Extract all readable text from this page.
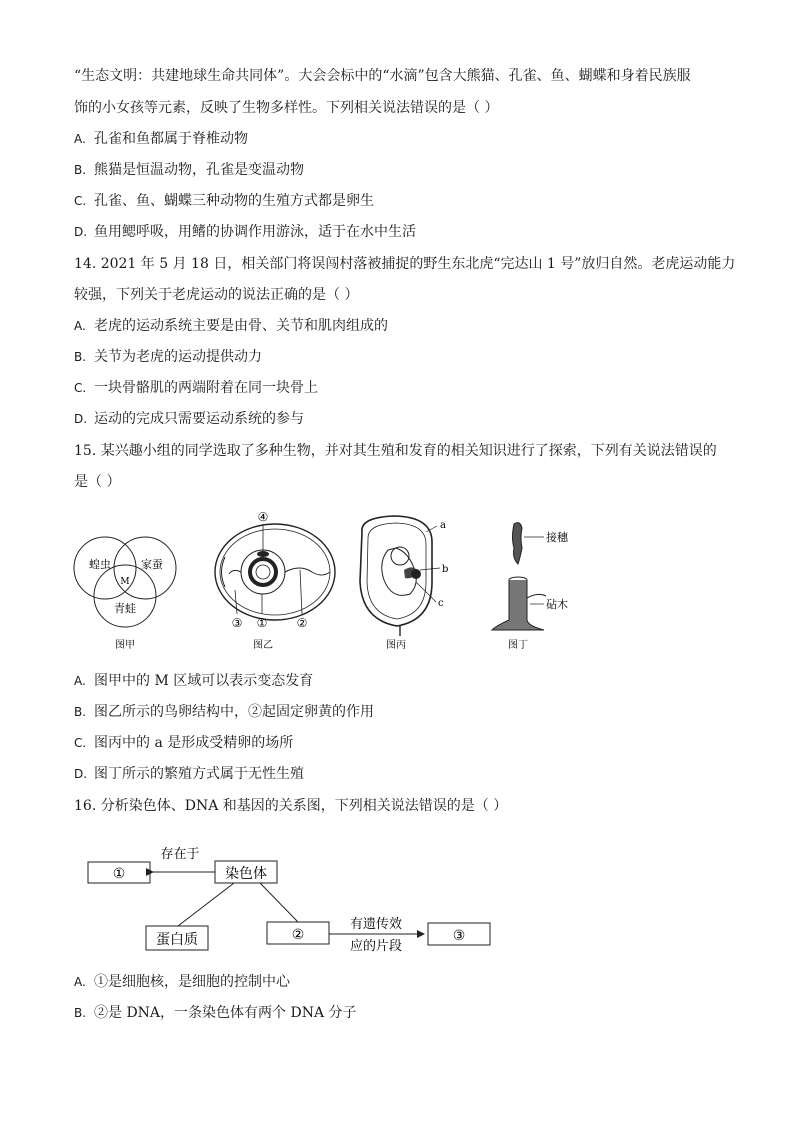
“生态文明：共建地球生命共同体”。大会会标中的“水滴”包含大熊猫、孔雀、鱼、蝴蝶和身着民族服
饰的小女孩等元素，反映了生物多样性。下列相关说法错误的是（ ）
A. 孔雀和鱼都属于脊椎动物
B. 熊猫是恒温动物，孔雀是变温动物
C. 孔雀、鱼、蝴蝶三种动物的生殖方式都是卵生
D. 鱼用鳃呼吸，用鳍的协调作用游泳，适于在水中生活
14. 2021 年 5 月 18 日，相关部门将误闯村落被捕捉的野生东北虎“完达山 1 号”放归自然。老虎运动能力
较强，下列关于老虎运动的说法正确的是（ ）
A. 老虎的运动系统主要是由骨、关节和肌肉组成的
B. 关节为老虎的运动提供动力
C. 一块骨骼肌的两端附着在同一块骨上
D. 运动的完成只需要运动系统的参与
15. 某兴趣小组的同学选取了多种生物，并对其生殖和发育的相关知识进行了探索，下列有关说法错误的
是（ ）
蝗虫	家蚕
青蛙
M
图甲
④
③ ① ②
图乙
a
b
c
图丙
接穗
砧木
图丁
A. 图甲中的 M 区域可以表示变态发育
B. 图乙所示的鸟卵结构中，②起固定卵黄的作用
C. 图丙中的 a 是形成受精卵的场所
D. 图丁所示的繁殖方式属于无性生殖
16. 分析染色体、DNA 和基因的关系图，下列相关说法错误的是（ ）
①	染色体
存在于
蛋白质	②
有遗传效
应的片段
③
A. ①是细胞核，是细胞的控制中心
B. ②是 DNA，一条染色体有两个 DNA 分子
